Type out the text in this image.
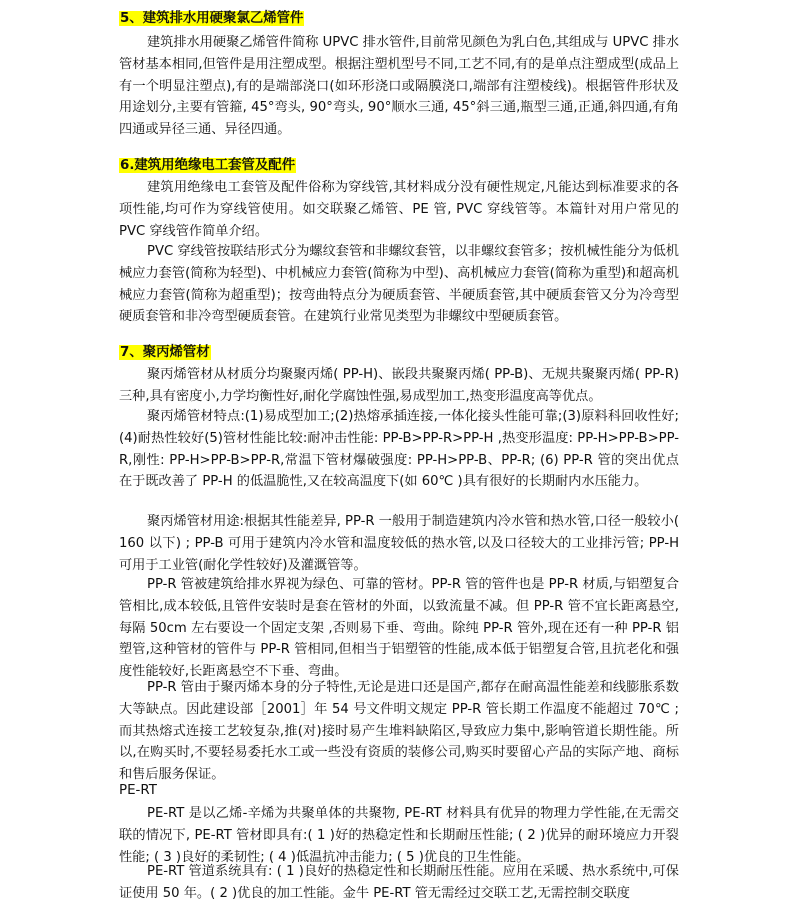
5、建筑排水用硬聚氯乙烯管件

建筑排水用硬聚乙烯管件简称 UPVC 排水管件,目前常见颜色为乳白色,其组成与 UPVC 排水管材基本相同,但管件是用注塑成型。根据注塑机型号不同,工艺不同,有的是单点注塑成型(成品上有一个明显注塑点),有的是端部浇口(如环形浇口或隔膜浇口,端部有注塑棱线)。根据管件形状及用途划分,主要有管箍, 45°弯头, 90°弯头, 90°顺水三通, 45°斜三通,瓶型三通,正通,斜四通,有角四通或异径三通、异径四通。

6.建筑用绝缘电工套管及配件

建筑用绝缘电工套管及配件俗称为穿线管,其材料成分没有硬性规定,凡能达到标准要求的各项性能,均可作为穿线管使用。如交联聚乙烯管、PE 管, PVC 穿线管等。本篇针对用户常见的 PVC 穿线管作简单介绍。

PVC 穿线管按联结形式分为螺纹套管和非螺纹套管，以非螺纹套管多；按机械性能分为低机械应力套管(简称为轻型)、中机械应力套管(简称为中型)、高机械应力套管(简称为重型)和超高机械应力套管(简称为超重型)；按弯曲特点分为硬质套管、半硬质套管,其中硬质套管又分为冷弯型硬质套管和非冷弯型硬质套管。在建筑行业常见类型为非螺纹中型硬质套管。

7、聚丙烯管材

聚丙烯管材从材质分均聚聚丙烯( PP-H)、嵌段共聚聚丙烯( PP-B)、无规共聚聚丙烯( PP-R)三种,具有密度小,力学均衡性好,耐化学腐蚀性强,易成型加工,热变形温度高等优点。

聚丙烯管材特点:(1)易成型加工;(2)热熔承插连接,一体化接头性能可靠;(3)原料科回收性好;(4)耐热性较好(5)管材性能比较:耐冲击性能: PP-B>PP-R>PP-H ,热变形温度: PP-H>PP-B>PP-R,刚性: PP-H>PP-B>PP-R,常温下管材爆破强度: PP-H>PP-B、PP-R; (6) PP-R 管的突出优点在于既改善了 PP-H 的低温脆性,又在较高温度下(如 60℃ )具有很好的长期耐内水压能力。

聚丙烯管材用途:根据其性能差异, PP-R 一般用于制造建筑内冷水管和热水管,口径一般较小( 160 以下) ; PP-B 可用于建筑内冷水管和温度较低的热水管,以及口径较大的工业排污管; PP-H 可用于工业管(耐化学性较好)及灌溉管等。

PP-R 管被建筑给排水界视为绿色、可靠的管材。PP-R 管的管件也是 PP-R 材质,与铝塑复合管相比,成本较低,且管件安装时是套在管材的外面，以致流量不减。但 PP-R 管不宜长距离悬空,每隔 50cm 左右要设一个固定支架 ,否则易下垂、弯曲。除纯 PP-R 管外,现在还有一种 PP-R 铝塑管,这种管材的管件与 PP-R 管相同,但相当于铝塑管的性能,成本低于铝塑复合管,且抗老化和强度性能较好,长距离悬空不下垂、弯曲。

PP-R 管由于聚丙烯本身的分子特性,无论是进口还是国产,都存在耐高温性能差和线膨胀系数大等缺点。因此建设部［2001］年 54 号文件明文规定 PP-R 管长期工作温度不能超过 70℃ ;而其热熔式连接工艺较复杂,推(对)接时易产生堆料缺陷区,导致应力集中,影响管道长期性能。所以,在购买时,不要轻易委托水工或一些没有资质的装修公司,购买时要留心产品的实际产地、商标和售后服务保证。

PE-RT

PE-RT 是以乙烯-辛烯为共聚单体的共聚物, PE-RT 材料具有优异的物理力学性能,在无需交联的情况下, PE-RT 管材即具有:( 1 )好的热稳定性和长期耐压性能; ( 2 )优异的耐环境应力开裂性能; ( 3 )良好的柔韧性; ( 4 )低温抗冲击能力; ( 5 )优良的卫生性能。

PE-RT 管道系统具有: ( 1 )良好的热稳定性和长期耐压性能。应用在采暖、热水系统中,可保证使用 50 年。( 2 )优良的加工性能。金牛 PE-RT 管无需经过交联工艺,无需控制交联度
